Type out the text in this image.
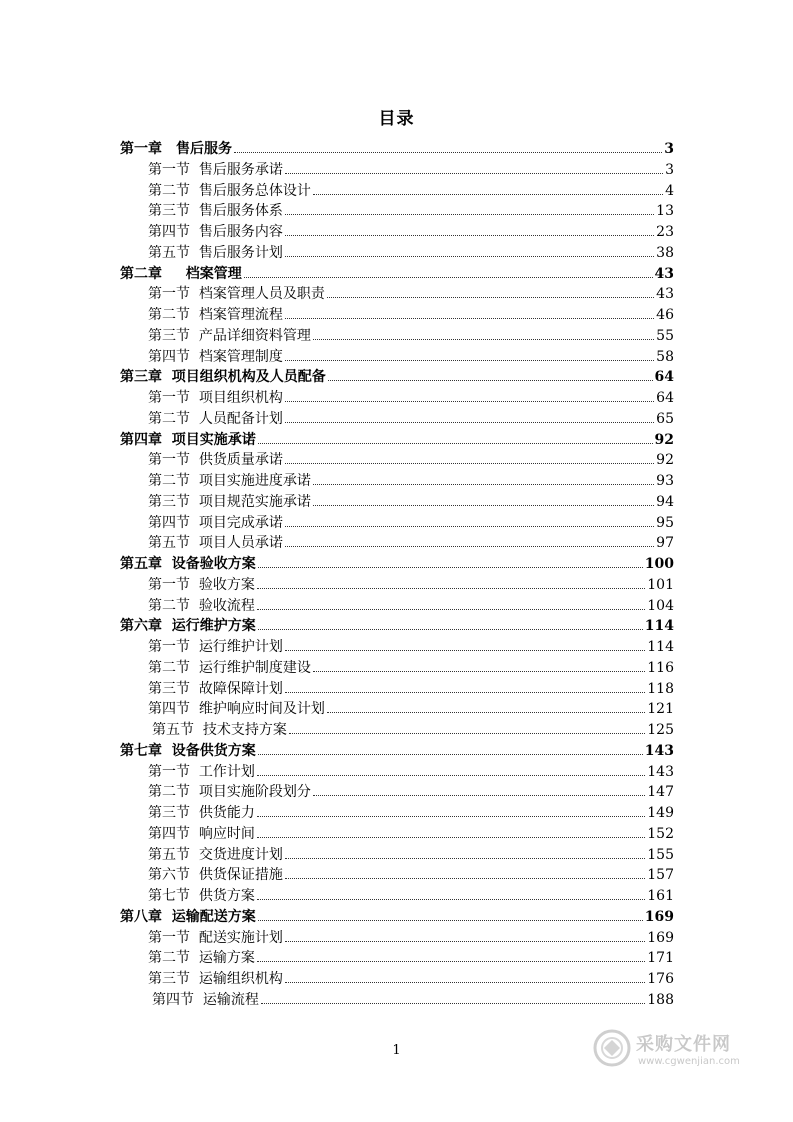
目录
第一章　售后服务	3
第一节  售后服务承诺	3
第二节  售后服务总体设计	4
第三节  售后服务体系	13
第四节  售后服务内容	23
第五节  售后服务计划	38
第二章　  档案管理	43
第一节  档案管理人员及职责	43
第二节  档案管理流程	46
第三节  产品详细资料管理	55
第四节  档案管理制度	58
第三章  项目组织机构及人员配备	64
第一节  项目组织机构	64
第二节  人员配备计划	65
第四章  项目实施承诺	92
第一节  供货质量承诺	92
第二节  项目实施进度承诺	93
第三节  项目规范实施承诺	94
第四节  项目完成承诺	95
第五节  项目人员承诺	97
第五章  设备验收方案	100
第一节  验收方案	101
第二节  验收流程	104
第六章  运行维护方案	114
第一节  运行维护计划	114
第二节  运行维护制度建设	116
第三节  故障保障计划	118
第四节  维护响应时间及计划	121
第五节  技术支持方案	125
第七章  设备供货方案	143
第一节  工作计划	143
第二节  项目实施阶段划分	147
第三节  供货能力	149
第四节  响应时间	152
第五节  交货进度计划	155
第六节  供货保证措施	157
第七节  供货方案	161
第八章  运输配送方案	169
第一节  配送实施计划	169
第二节  运输方案	171
第三节  运输组织机构	176
第四节  运输流程	188
1	采购文件网
www.cgwenjian.com
